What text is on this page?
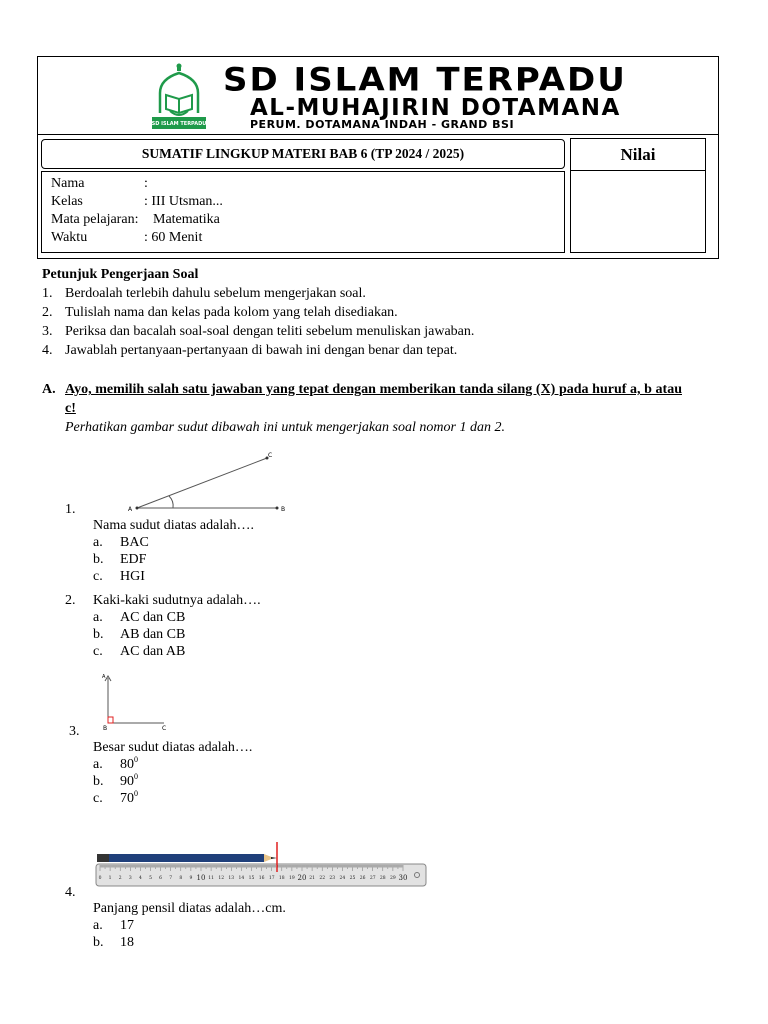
SD ISLAM TERPADU
SD ISLAM TERPADU
AL-MUHAJIRIN DOTAMANA
PERUM. DOTAMANA INDAH - GRAND BSI
SUMATIF LINGKUP MATERI BAB 6 (TP 2024 / 2025)	Nilai
Nama	:
Kelas	: III Utsman...
Mata pelajaran: Matematika
Waktu	: 60 Menit
Petunjuk Pengerjaan Soal
1. Berdoalah terlebih dahulu sebelum mengerjakan soal.
2. Tulislah nama dan kelas pada kolom yang telah disediakan.
3. Periksa dan bacalah soal-soal dengan teliti sebelum menuliskan jawaban.
4. Jawablah pertanyaan-pertanyaan di bawah ini dengan benar dan tepat.
A. Ayo, memilih salah satu jawaban yang tepat dengan memberikan tanda silang (X) pada huruf a, b atau c!
Perhatikan gambar sudut dibawah ini untuk mengerjakan soal nomor 1 dan 2.
A	B
C
1.
Nama sudut diatas adalah….
a. BAC
b. EDF
c. HGI
2. Kaki-kaki sudutnya adalah….
a. AC dan CB
b. AB dan CB
c. AC dan AB
A
B	C
3.
Besar sudut diatas adalah….
a. $80^0$
b. $90^0$
c. $70^0$
0 1 2 3 4 5 6 7 8 9 10 11 12 13 14 15 16 17 18 19 20 21 22 23 24 25 26 27 28 29 30
4.
Panjang pensil diatas adalah…cm.
a. 17
b. 18
